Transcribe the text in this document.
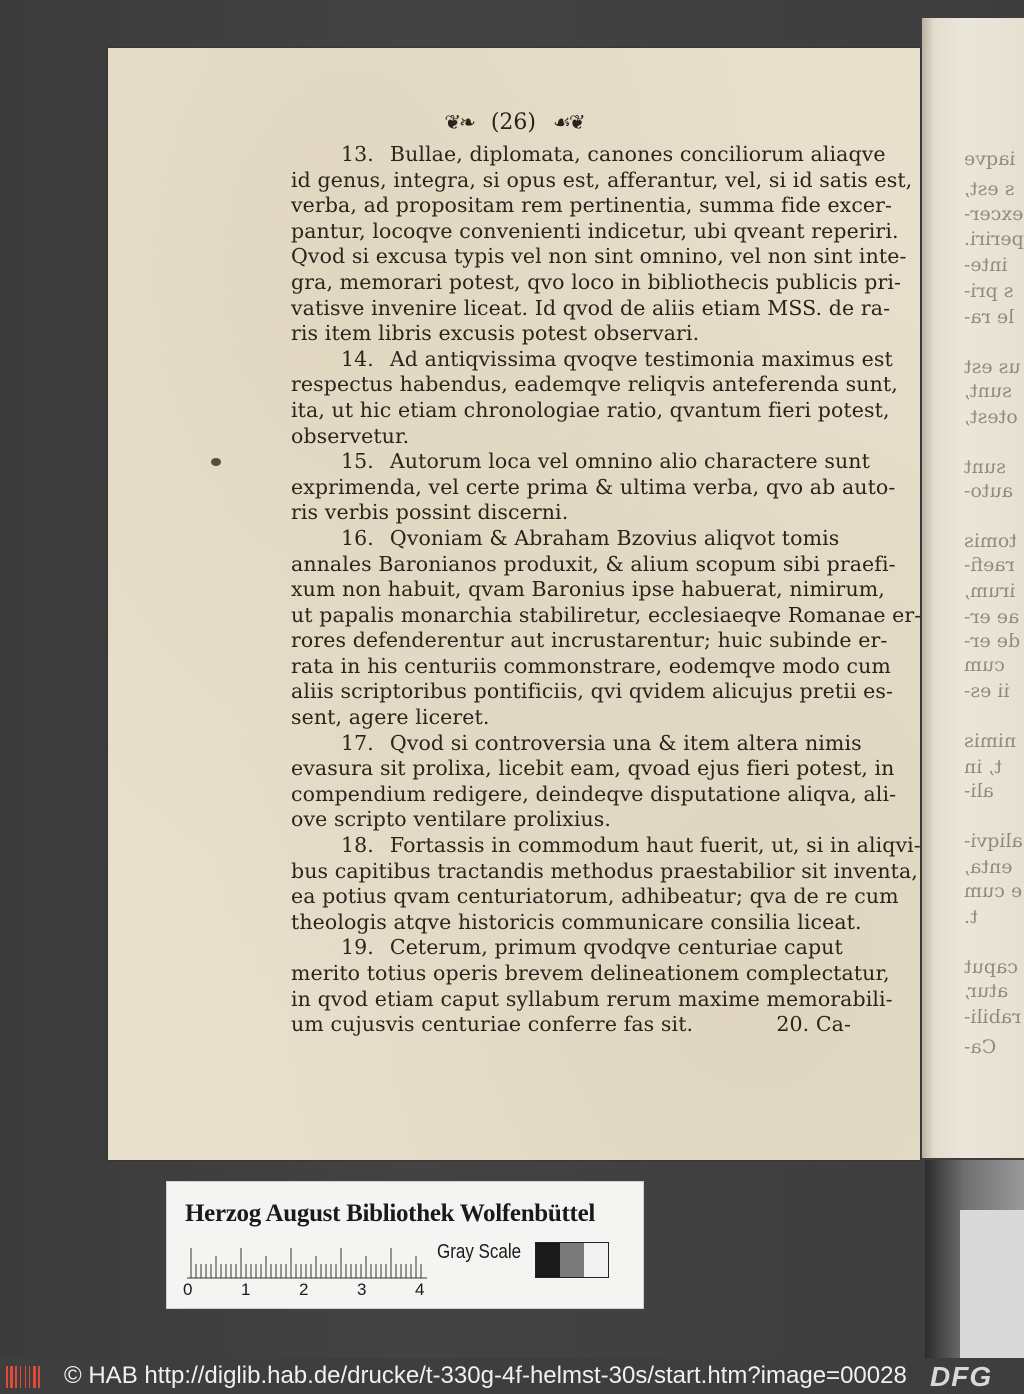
iaqve
s est,
excer-
periri.
inte-
s pri-
le ra-
us est
sunt,
otest,
sunt
auto-
tomis
raefi-
irum,
ae er-
de er-
cum
ii es-
nimis
t, in
ali-
aliqvi-
enta,
e cum
t.
caput
atur,
rabili-
Ca-
❦❧ (26) ☙❦
13. Bullae, diplomata, canones conciliorum aliaqve
id genus, integra, si opus est, afferantur, vel, si id satis est,
verba, ad propositam rem pertinentia, summa fide excer-
pantur, locoqve convenienti indicetur, ubi qveant reperiri.
Qvod si excusa typis vel non sint omnino, vel non sint inte-
gra, memorari potest, qvo loco in bibliothecis publicis pri-
vatisve invenire liceat. Id qvod de aliis etiam MSS. de ra-
ris item libris excusis potest observari.
14. Ad antiqvissima qvoqve testimonia maximus est
respectus habendus, eademqve reliqvis anteferenda sunt,
ita, ut hic etiam chronologiae ratio, qvantum fieri potest,
observetur.
15. Autorum loca vel omnino alio charactere sunt
exprimenda, vel certe prima & ultima verba, qvo ab auto-
ris verbis possint discerni.
16. Qvoniam & Abraham Bzovius aliqvot tomis
annales Baronianos produxit, & alium scopum sibi praefi-
xum non habuit, qvam Baronius ipse habuerat, nimirum,
ut papalis monarchia stabiliretur, ecclesiaeqve Romanae er-
rores defenderentur aut incrustarentur; huic subinde er-
rata in his centuriis commonstrare, eodemqve modo cum
aliis scriptoribus pontificiis, qvi qvidem alicujus pretii es-
sent, agere liceret.
17. Qvod si controversia una & item altera nimis
evasura sit prolixa, licebit eam, qvoad ejus fieri potest, in
compendium redigere, deindeqve disputatione aliqva, ali-
ove scripto ventilare prolixius.
18. Fortassis in commodum haut fuerit, ut, si in aliqvi-
bus capitibus tractandis methodus praestabilior sit inventa,
ea potius qvam centuriatorum, adhibeatur; qva de re cum
theologis atqve historicis communicare consilia liceat.
19. Ceterum, primum qvodqve centuriae caput
merito totius operis brevem delineationem complectatur,
in qvod etiam caput syllabum rerum maxime memorabili-
um cujusvis centuriae conferre fas sit.	20. Ca-
Herzog August Bibliothek Wolfenbüttel
0	1	2	3	4
Gray Scale
© HAB http://diglib.hab.de/drucke/t-330g-4f-helmst-30s/start.htm?image=00028 DFG
